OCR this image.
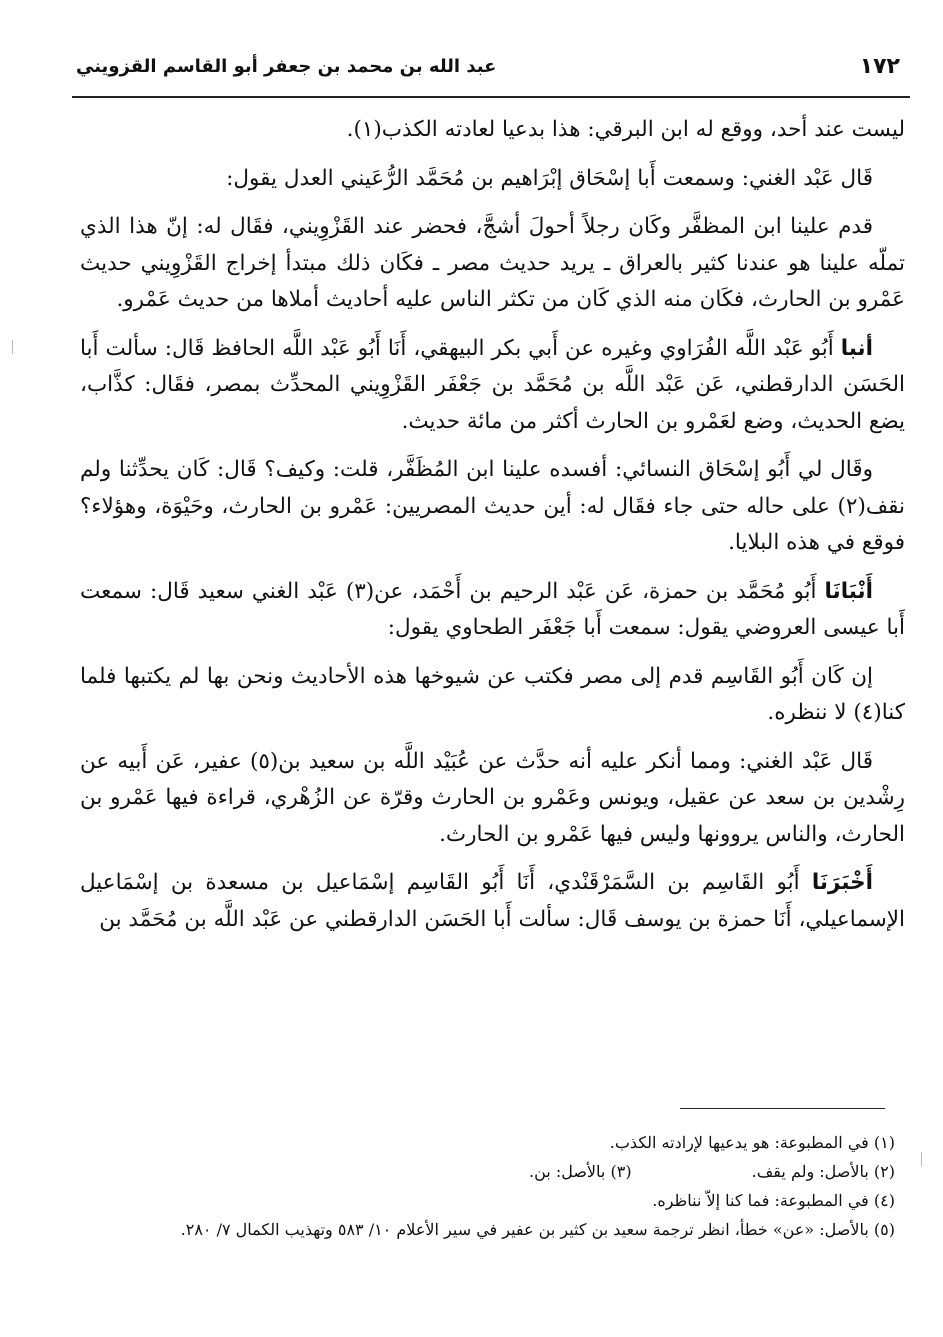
١٧٢
عبد الله بن محمد بن جعفر أبو القاسم القزويني

ليست عند أحد، ووقع له ابن البرقي: هذا بدعيا لعادته الكذب(١).

قَال عَبْد الغني: وسمعت أَبا إسْحَاق إبْرَاهيم بن مُحَمَّد الرُّعَيني العدل يقول:

قدم علينا ابن المظفَّر وكَان رجلاً أحولَ أشجَّ، فحضر عند القَزْوِيني، فقَال له: إنّ هذا الذي تملّه علينا هو عندنا كثير بالعراق ـ يريد حديث مصر ـ فكَان ذلك مبتدأ إخراج القَزْوِيني حديث عَمْرو بن الحارث، فكَان منه الذي كَان من تكثر الناس عليه أحاديث أملاها من حديث عَمْرو.

أنبا أَبُو عَبْد اللَّه الفُرَاوي وغيره عن أَبي بكر البيهقي، أَنَا أَبُو عَبْد اللَّه الحافظ قَال: سألت أَبا الحَسَن الدارقطني، عَن عَبْد اللَّه بن مُحَمَّد بن جَعْفَر القَزْوِيني المحدِّث بمصر، فقَال: كذَّاب، يضع الحديث، وضع لعَمْرو بن الحارث أكثر من مائة حديث.

وقَال لي أَبُو إسْحَاق النسائي: أفسده علينا ابن المُظَفَّر، قلت: وكيف؟ قَال: كَان يحدِّثنا ولم نقف(٢) على حاله حتى جاء فقَال له: أين حديث المصريين: عَمْرو بن الحارث، وحَيْوَة، وهؤلاء؟ فوقع في هذه البلايا.

أَنْبَانَا أَبُو مُحَمَّد بن حمزة، عَن عَبْد الرحيم بن أَحْمَد، عن(٣) عَبْد الغني سعيد قَال: سمعت أَبا عيسى العروضي يقول: سمعت أَبا جَعْفَر الطحاوي يقول:

إن كَان أَبُو القَاسِم قدم إلى مصر فكتب عن شيوخها هذه الأحاديث ونحن بها لم يكتبها فلما كنا(٤) لا ننظره.

قَال عَبْد الغني: ومما أنكر عليه أنه حدَّث عن عُبَيْد اللَّه بن سعيد بن(٥) عفير، عَن أَبيه عن رِشْدين بن سعد عن عقيل، ويونس وعَمْرو بن الحارث وقرّة عن الزُهْري، قراءة فيها عَمْرو بن الحارث، والناس يروونها وليس فيها عَمْرو بن الحارث.

أَخْبَرَنَا أَبُو القَاسِم بن السَّمَرْقَنْدي، أَنَا أَبُو القَاسِم إسْمَاعيل بن مسعدة بن إسْمَاعيل الإسماعيلي، أَنَا حمزة بن يوسف قَال: سألت أَبا الحَسَن الدارقطني عن عَبْد اللَّه بن مُحَمَّد بن

(١) في المطبوعة: هو يدعيها لإرادته الكذب.
(٢) بالأصل: ولم يقف. (٣) بالأصل: بن.
(٤) في المطبوعة: فما كنا إلاّ نناظره.
(٥) بالأصل: «عن» خطأ، انظر ترجمة سعيد بن كثير بن عفير في سير الأعلام ١٠/ ٥٨٣ وتهذيب الكمال ٧/ ٢٨٠.
